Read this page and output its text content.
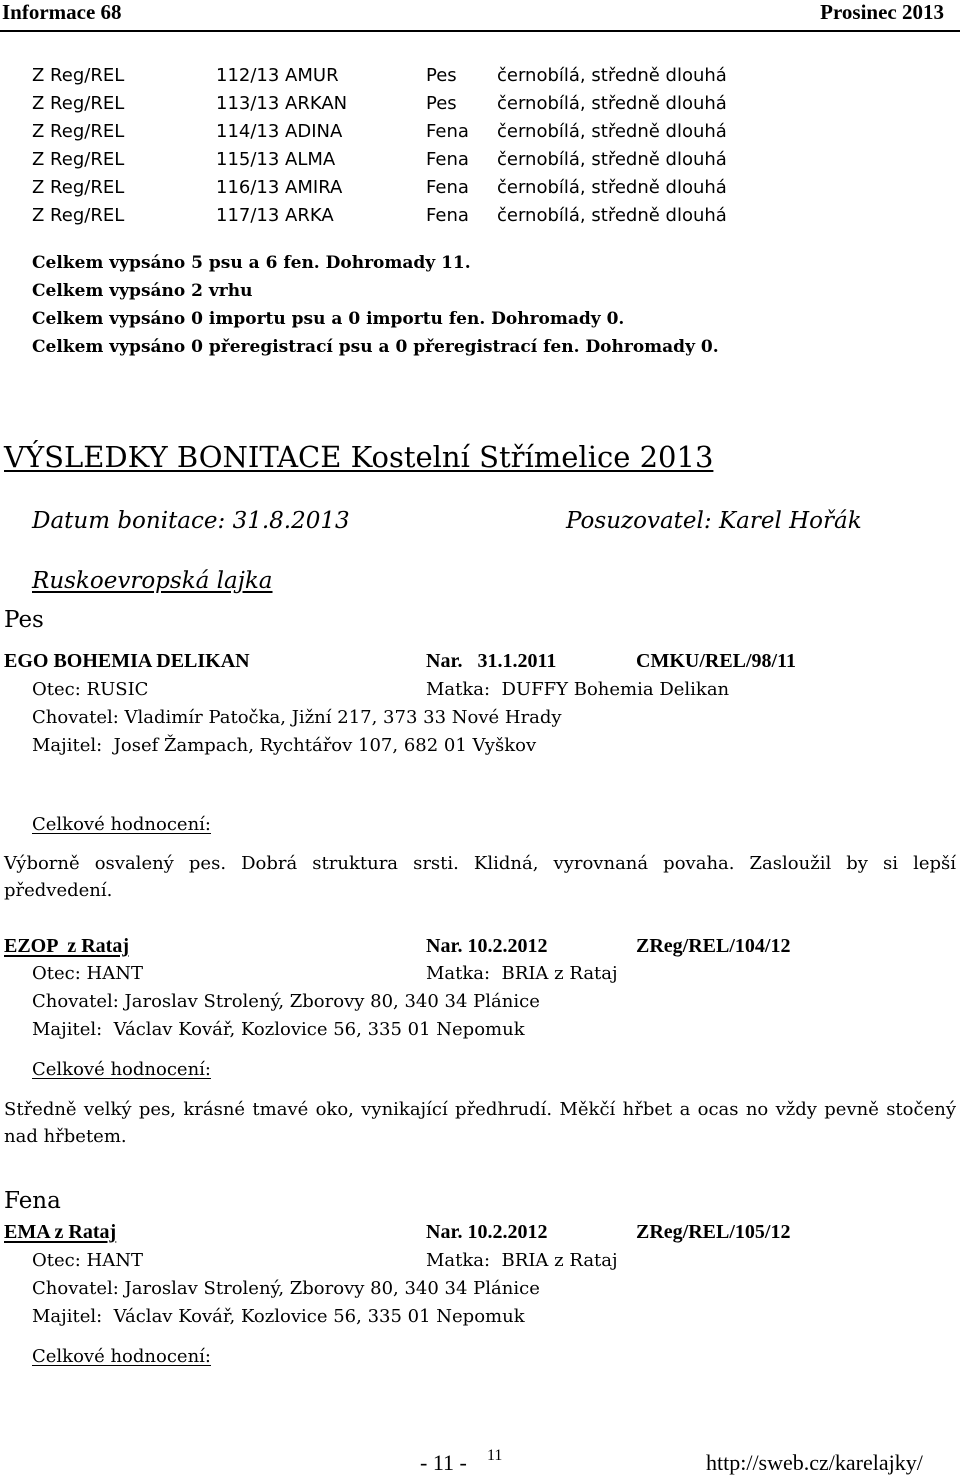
Informace 68	Prosinec 2013
Z Reg/REL	112/13 AMUR	Pes černobílá, středně dlouhá
Z Reg/REL	113/13 ARKAN	Pes černobílá, středně dlouhá
Z Reg/REL	114/13 ADINA	Fena černobílá, středně dlouhá
Z Reg/REL	115/13 ALMA	Fena černobílá, středně dlouhá
Z Reg/REL	116/13 AMIRA	Fena černobílá, středně dlouhá
Z Reg/REL	117/13 ARKA	Fena černobílá, středně dlouhá
Celkem vypsáno 5 psu a 6 fen. Dohromady 11.
Celkem vypsáno 2 vrhu
Celkem vypsáno 0 importu psu a 0 importu fen. Dohromady 0.
Celkem vypsáno 0 přeregistrací psu a 0 přeregistrací fen. Dohromady 0.
VÝSLEDKY BONITACE Kostelní Střímelice 2013
Datum bonitace: 31.8.2013	Posuzovatel: Karel Hořák
Ruskoevropská lajka
Pes
EGO BOHEMIA DELIKAN	Nar.   31.1.2011	CMKU/REL/98/11
Otec: RUSIC	Matka:  DUFFY Bohemia Delikan
Chovatel: Vladimír Patočka, Jižní 217, 373 33 Nové Hrady
Majitel:  Josef Žampach, Rychtářov 107, 682 01 Vyškov
Celkové hodnocení:
Výborně osvalený pes. Dobrá struktura srsti. Klidná, vyrovnaná povaha. Zasloužil by si lepší
předvedení.
EZOP  z Rataj	Nar. 10.2.2012	ZReg/REL/104/12
Otec: HANT	Matka:  BRIA z Rataj
Chovatel: Jaroslav Strolený, Zborovy 80, 340 34 Plánice
Majitel:  Václav Kovář, Kozlovice 56, 335 01 Nepomuk
Celkové hodnocení:
Středně velký pes, krásné tmavé oko, vynikající předhrudí. Měkčí hřbet a ocas no vždy pevně stočený
nad hřbetem.
Fena
EMA z Rataj	Nar. 10.2.2012	ZReg/REL/105/12
Otec: HANT	Matka:  BRIA z Rataj
Chovatel: Jaroslav Strolený, Zborovy 80, 340 34 Plánice
Majitel:  Václav Kovář, Kozlovice 56, 335 01 Nepomuk
Celkové hodnocení:
- 11 - 11	http://sweb.cz/karelajky/
